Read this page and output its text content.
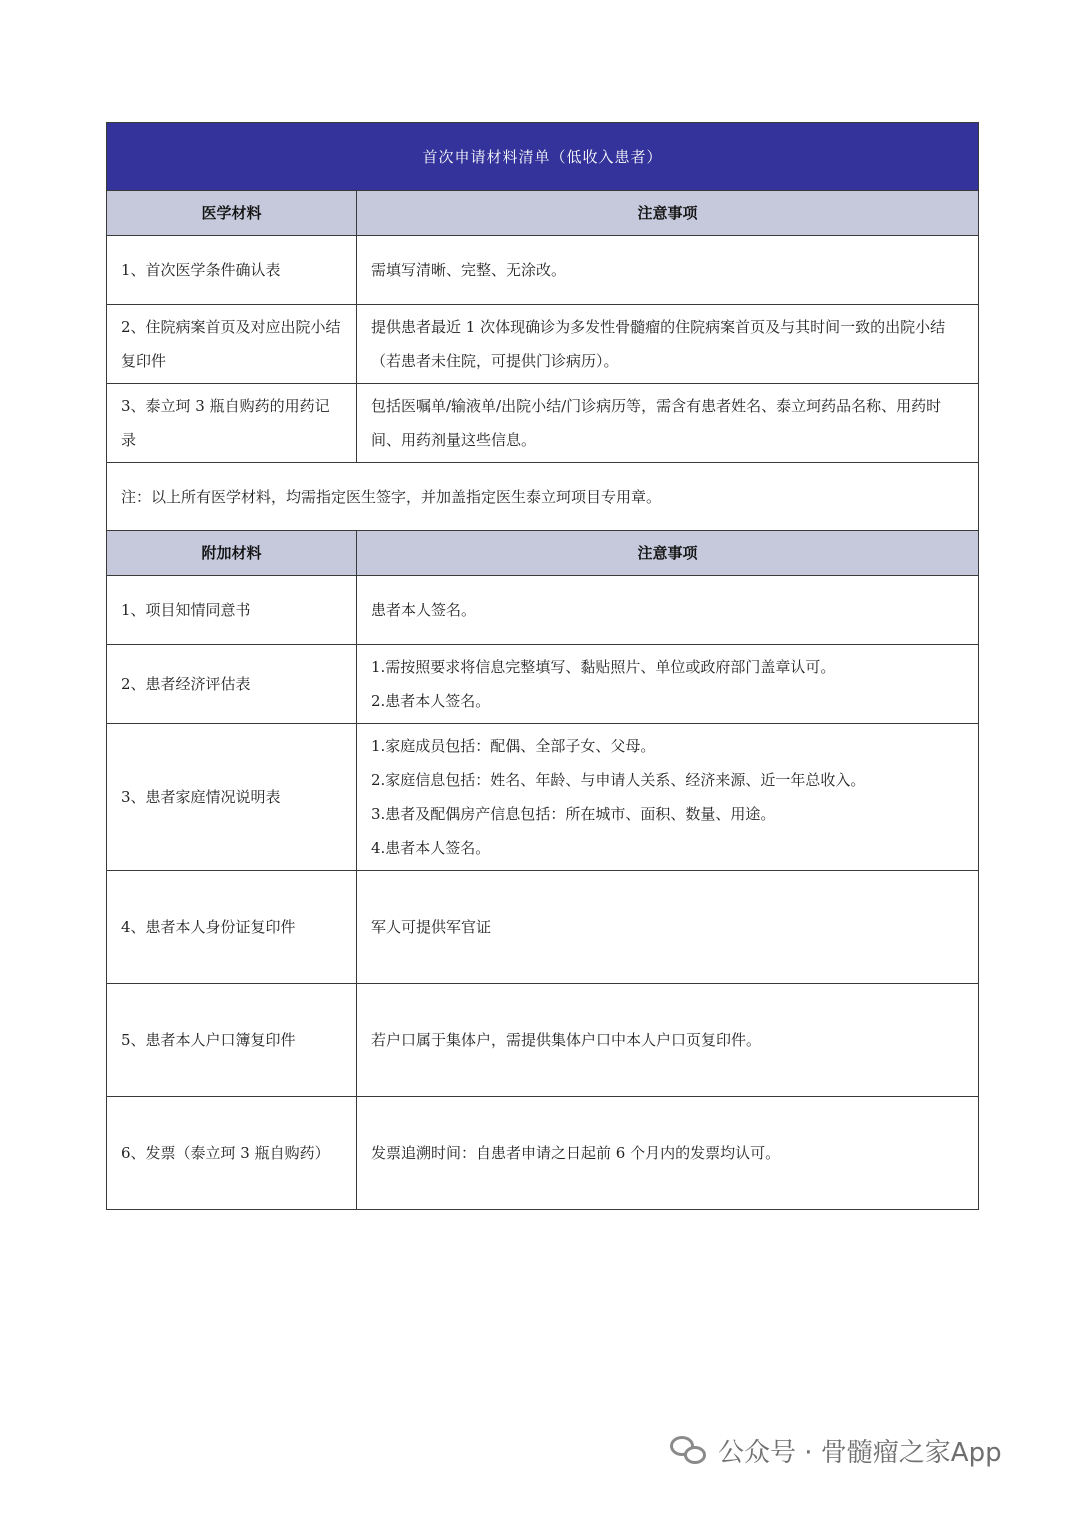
首次申请材料清单（低收入患者）	
医学材料	注意事项
1、首次医学条件确认表	需填写清晰、完整、无涂改。

2、住院病案首页及对应出院小结复印件	提供患者最近 1 次体现确诊为多发性骨髓瘤的住院病案首页及与其时间一致的出院小结（若患者未住院，可提供门诊病历）。

3、泰立珂 3 瓶自购药的用药记录	包括医嘱单/输液单/出院小结/门诊病历等，需含有患者姓名、泰立珂药品名称、用药时间、用药剂量这些信息。

注：以上所有医学材料，均需指定医生签字，并加盖指定医生泰立珂项目专用章。	
附加材料	注意事项
1、项目知情同意书	患者本人签名。

2、患者经济评估表	1.需按照要求将信息完整填写、黏贴照片、单位或政府部门盖章认可。
2.患者本人签名。

3、患者家庭情况说明表	1.家庭成员包括：配偶、全部子女、父母。
2.家庭信息包括：姓名、年龄、与申请人关系、经济来源、近一年总收入。
3.患者及配偶房产信息包括：所在城市、面积、数量、用途。
4.患者本人签名。

4、患者本人身份证复印件	军人可提供军官证

5、患者本人户口簿复印件	若户口属于集体户，需提供集体户口中本人户口页复印件。

6、发票（泰立珂 3 瓶自购药）	发票追溯时间：自患者申请之日起前 6 个月内的发票均认可。
公众号 · 骨髓瘤之家App
